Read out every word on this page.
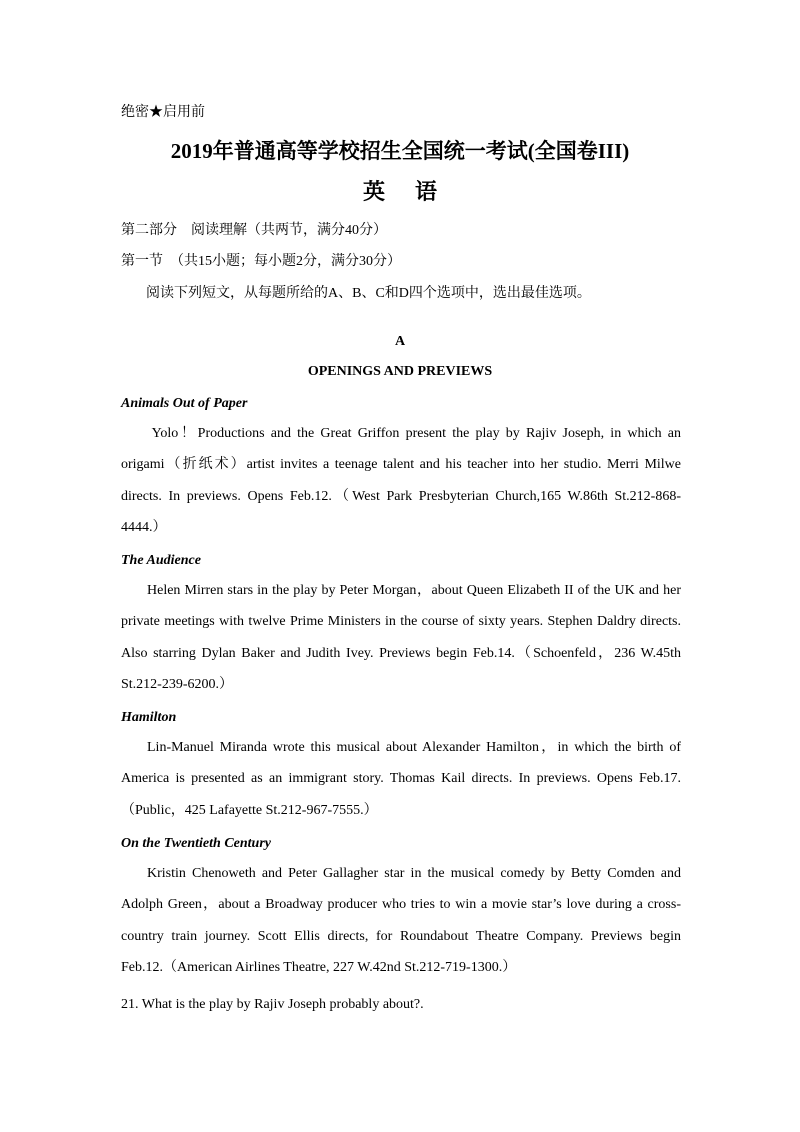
绝密★启用前
2019年普通高等学校招生全国统一考试(全国卷III)
英语
第二部分　阅读理解（共两节，满分40分）
第一节　（共15小题；每小题2分，满分30分）
阅读下列短文，从每题所给的A、B、C和D四个选项中，选出最佳选项。
A
OPENINGS AND PREVIEWS
Animals Out of Paper
　Yolo！Productions and the Great Griffon present the play by Rajiv Joseph, in which an
origami（折纸术）artist invites a teenage talent and his teacher into her studio. Merri Milwe
directs. In previews. Opens Feb.12.（West Park Presbyterian Church,165 W.86th St.212-868-
4444.）
The Audience
Helen Mirren stars in the play by Peter Morgan，about Queen Elizabeth II of the UK and her
private meetings with twelve Prime Ministers in the course of sixty years. Stephen Daldry directs.
Also starring Dylan Baker and Judith Ivey. Previews begin Feb.14.（Schoenfeld，236 W.45th
St.212-239-6200.）
Hamilton
Lin-Manuel Miranda wrote this musical about Alexander Hamilton，in which the birth of
America is presented as an immigrant story. Thomas Kail directs. In previews. Opens Feb.17.
（Public，425 Lafayette St.212-967-7555.）
On the Twentieth Century
Kristin Chenoweth and Peter Gallagher star in the musical comedy by Betty Comden and
Adolph Green，about a Broadway producer who tries to win a movie star’s love during a cross-
country train journey. Scott Ellis directs, for Roundabout Theatre Company. Previews begin
Feb.12.（American Airlines Theatre, 227 W.42nd St.212-719-1300.）
21. What is the play by Rajiv Joseph probably about?.
